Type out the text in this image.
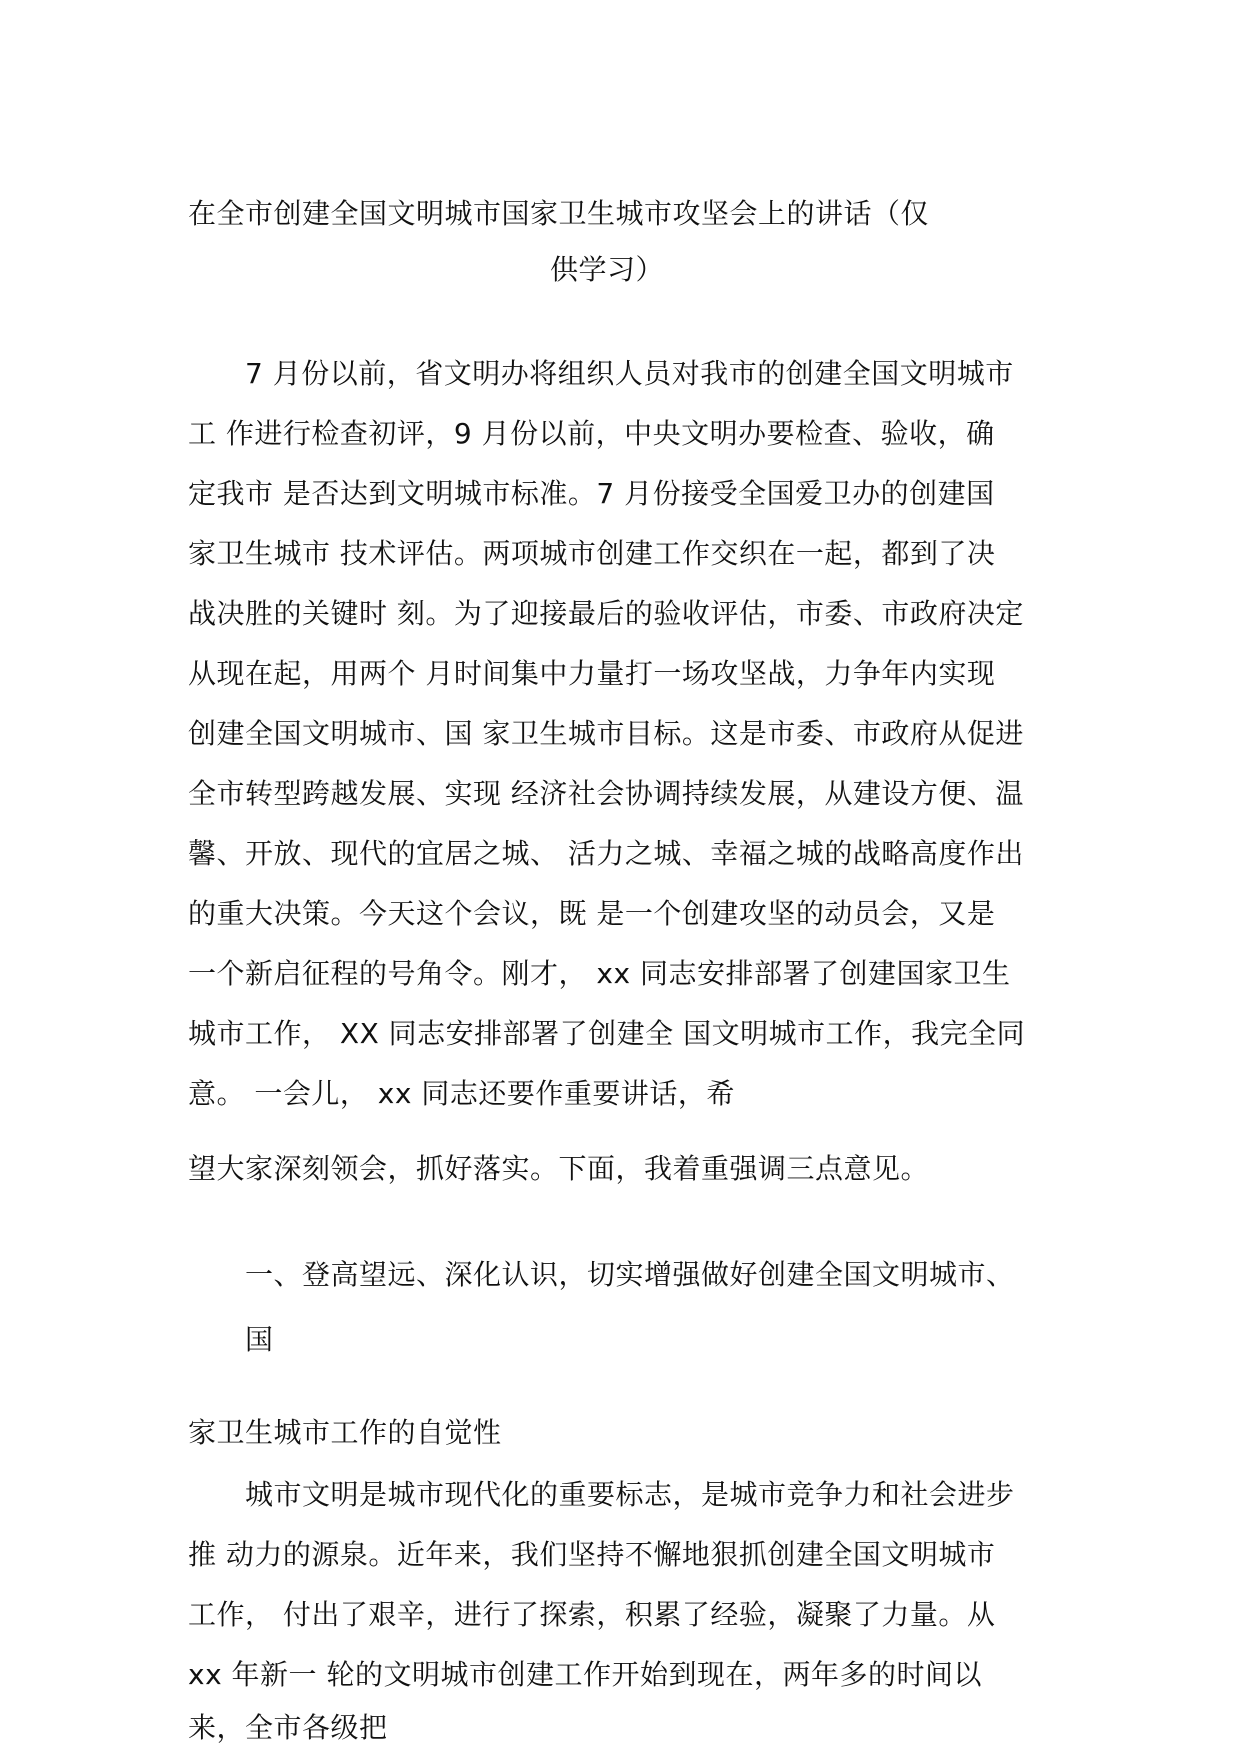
在全市创建全国文明城市国家卫生城市攻坚会上的讲话（仅
供学习）
7 月份以前，省文明办将组织人员对我市的创建全国文明城市
工 作进行检查初评，9 月份以前，中央文明办要检查、验收，确
定我市 是否达到文明城市标准。7 月份接受全国爱卫办的创建国
家卫生城市 技术评估。两项城市创建工作交织在一起，都到了决
战决胜的关键时 刻。为了迎接最后的验收评估，市委、市政府决定
从现在起，用两个 月时间集中力量打一场攻坚战，力争年内实现
创建全国文明城市、国 家卫生城市目标。这是市委、市政府从促进
全市转型跨越发展、实现 经济社会协调持续发展，从建设方便、温
馨、开放、现代的宜居之城、 活力之城、幸福之城的战略高度作出
的重大决策。今天这个会议，既 是一个创建攻坚的动员会，又是
一个新启征程的号角令。刚才， xx 同志安排部署了创建国家卫生
城市工作， XX 同志安排部署了创建全 国文明城市工作，我完全同
意。 一会儿， xx 同志还要作重要讲话，希
望大家深刻领会，抓好落实。下面，我着重强调三点意见。
一、登高望远、深化认识，切实增强做好创建全国文明城市、
国
家卫生城市工作的自觉性
城市文明是城市现代化的重要标志，是城市竞争力和社会进步
推 动力的源泉。近年来，我们坚持不懈地狠抓创建全国文明城市
工作， 付出了艰辛，进行了探索，积累了经验，凝聚了力量。从
xx 年新一 轮的文明城市创建工作开始到现在，两年多的时间以
来，全市各级把
